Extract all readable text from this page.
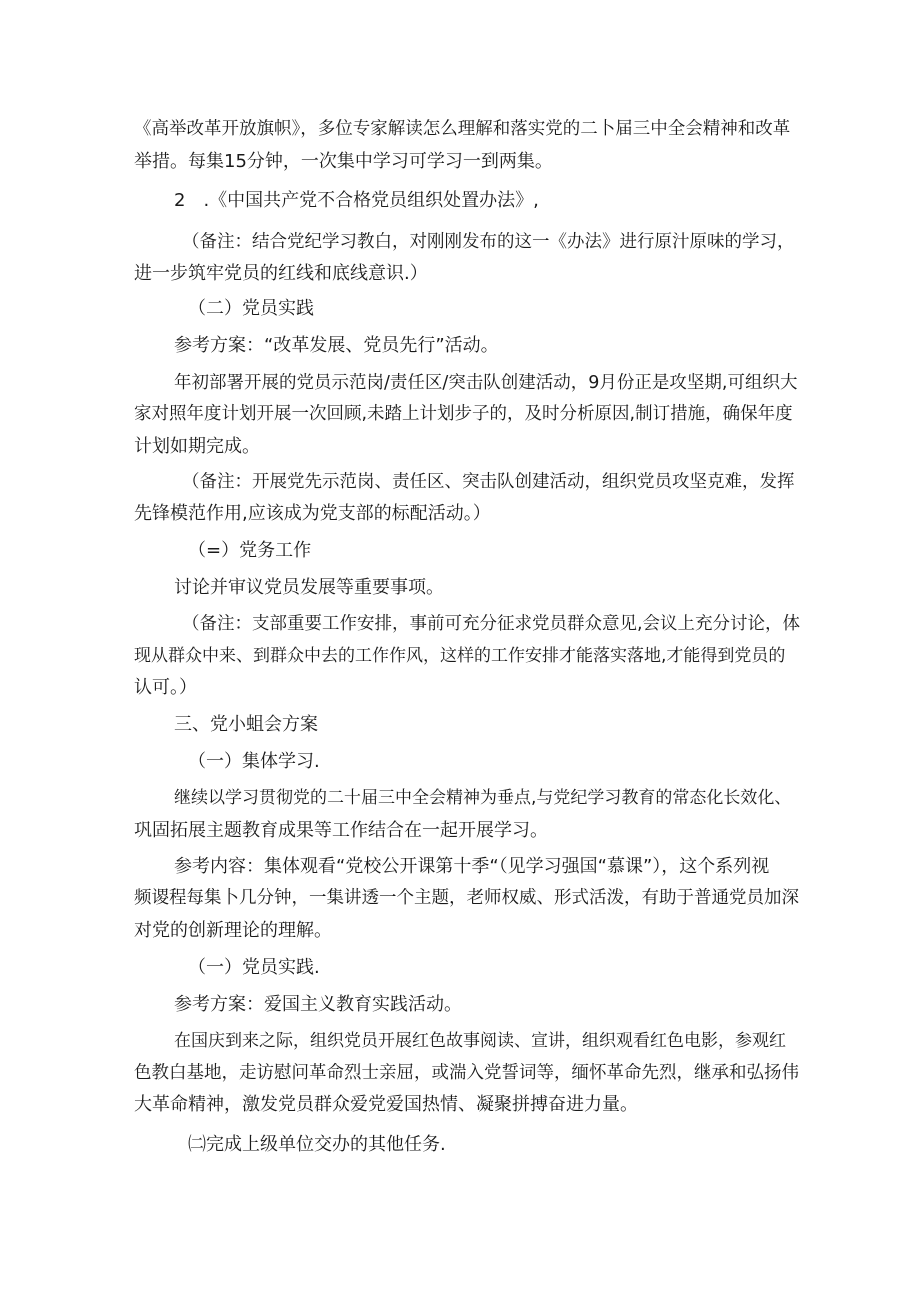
《高举改革开放旗帜》，多位专家解读怎么理解和落实党的二卜届三中全会精神和改革

举措。每集15分钟，一次集中学习可学习一到两集。

2　.《中国共产党不合格党员组织处置办法》,

（备注：结合党纪学习教白，对刚刚发布的这一《办法》进行原汁原味的学习，

进一步筑牢党员的红线和底线意识.）

（二）党员实践

参考方案：“改革发展、党员先行”活动。

年初部署开展的党员示范岗/责任区/突击队创建活动，9月份正是攻坚期,可组织大

家对照年度计划开展一次回顾,未踏上计划步子的，及时分析原因,制订措施，确保年度

计划如期完成。

（备注：开展党先示范岗、责任区、突击队创建活动，组织党员攻坚克难，发挥

先锋模范作用,应该成为党支部的标配活动。）

（=）党务工作

讨论并审议党员发展等重要事项。

（备注：支部重要工作安排，事前可充分征求党员群众意见,会议上充分讨论，体

现从群众中来、到群众中去的工作作风，这样的工作安排才能落实落地,才能得到党员的

认可。）

三、党小蛆会方案

（一）集体学习.

继续以学习贯彻党的二十届三中全会精神为垂点,与党纪学习教育的常态化长效化、

巩固拓展主题教育成果等工作结合在一起开展学习。

参考内容：集体观看“党校公开课第十季“（见学习强国“慕课”），这个系列视

频谡程每集卜几分钟，一集讲透一个主题，老师权威、形式活泼，有助于普通党员加深

对党的创新理论的理解。

（一）党员实践.

参考方案：爱国主义教育实践活动。

在国庆到来之际，组织党员开展红色故事阅读、宣讲，组织观看红色电影，参观红

色教白基地，走访慰问革命烈士亲屈，或湍入党誓词等，缅怀革命先烈，继承和弘扬伟

大革命精神，激发党员群众爱党爱国热情、凝聚拼搏奋进力量。

㈡完成上级单位交办的其他任务.
